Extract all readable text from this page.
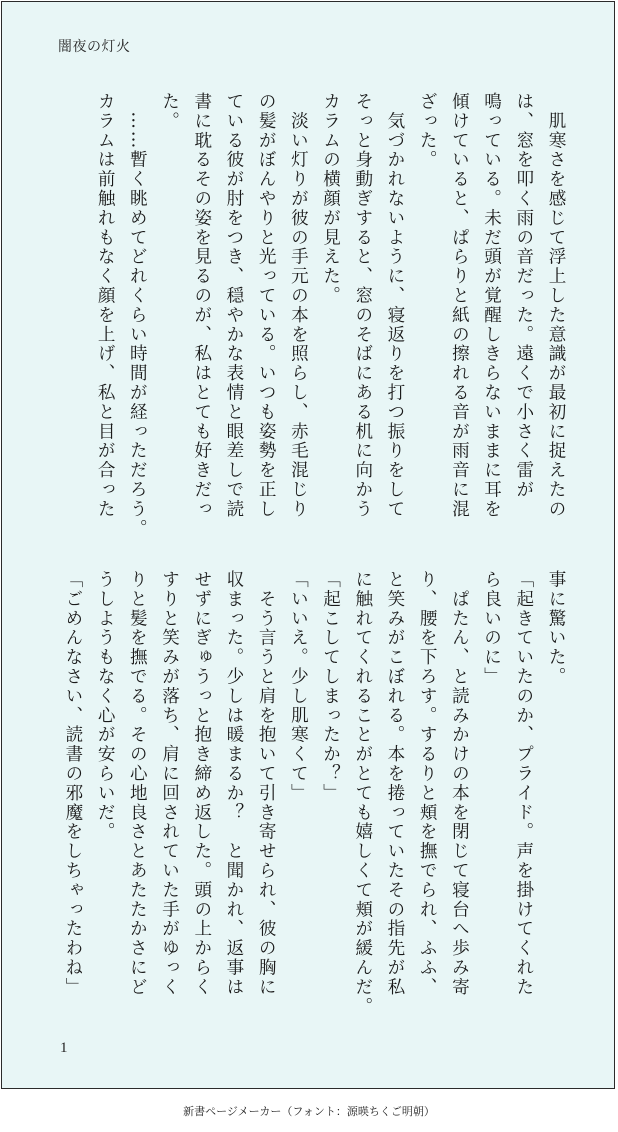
闇夜の灯火

　肌寒さを感じて浮上した意識が最初に捉えたの

は、窓を叩く雨の音だった。遠くで小さく雷が

鳴っている。未だ頭が覚醒しきらないままに耳を

傾けていると、ぱらりと紙の擦れる音が雨音に混

ざった。

　気づかれないように、寝返りを打つ振りをして

そっと身動ぎすると、窓のそばにある机に向かう

カラムの横顔が見えた。

　淡い灯りが彼の手元の本を照らし、赤毛混じり

の髪がぼんやりと光っている。いつも姿勢を正し

ている彼が肘をつき、穏やかな表情と眼差しで読

書に耽るその姿を見るのが、私はとても好きだっ

た。

　……暫く眺めてどれくらい時間が経っただろう。

カラムは前触れもなく顔を上げ、私と目が合った

事に驚いた。

「起きていたのか、プライド。声を掛けてくれた

ら良いのに」

　ぱたん、と読みかけの本を閉じて寝台へ歩み寄

り、腰を下ろす。するりと頬を撫でられ、ふふ、

と笑みがこぼれる。本を捲っていたその指先が私

に触れてくれることがとても嬉しくて頬が緩んだ。

「起こしてしまったか？」

「いいえ。少し肌寒くて」

　そう言うと肩を抱いて引き寄せられ、彼の胸に

収まった。少しは暖まるか？　と聞かれ、返事は

せずにぎゅうっと抱き締め返した。頭の上からく

すりと笑みが落ち、肩に回されていた手がゆっく

りと髪を撫でる。その心地良さとあたたかさにど

うしようもなく心が安らいだ。

「ごめんなさい、読書の邪魔をしちゃったわね」

1
新書ページメーカー（フォント：源暎ちくご明朝）
